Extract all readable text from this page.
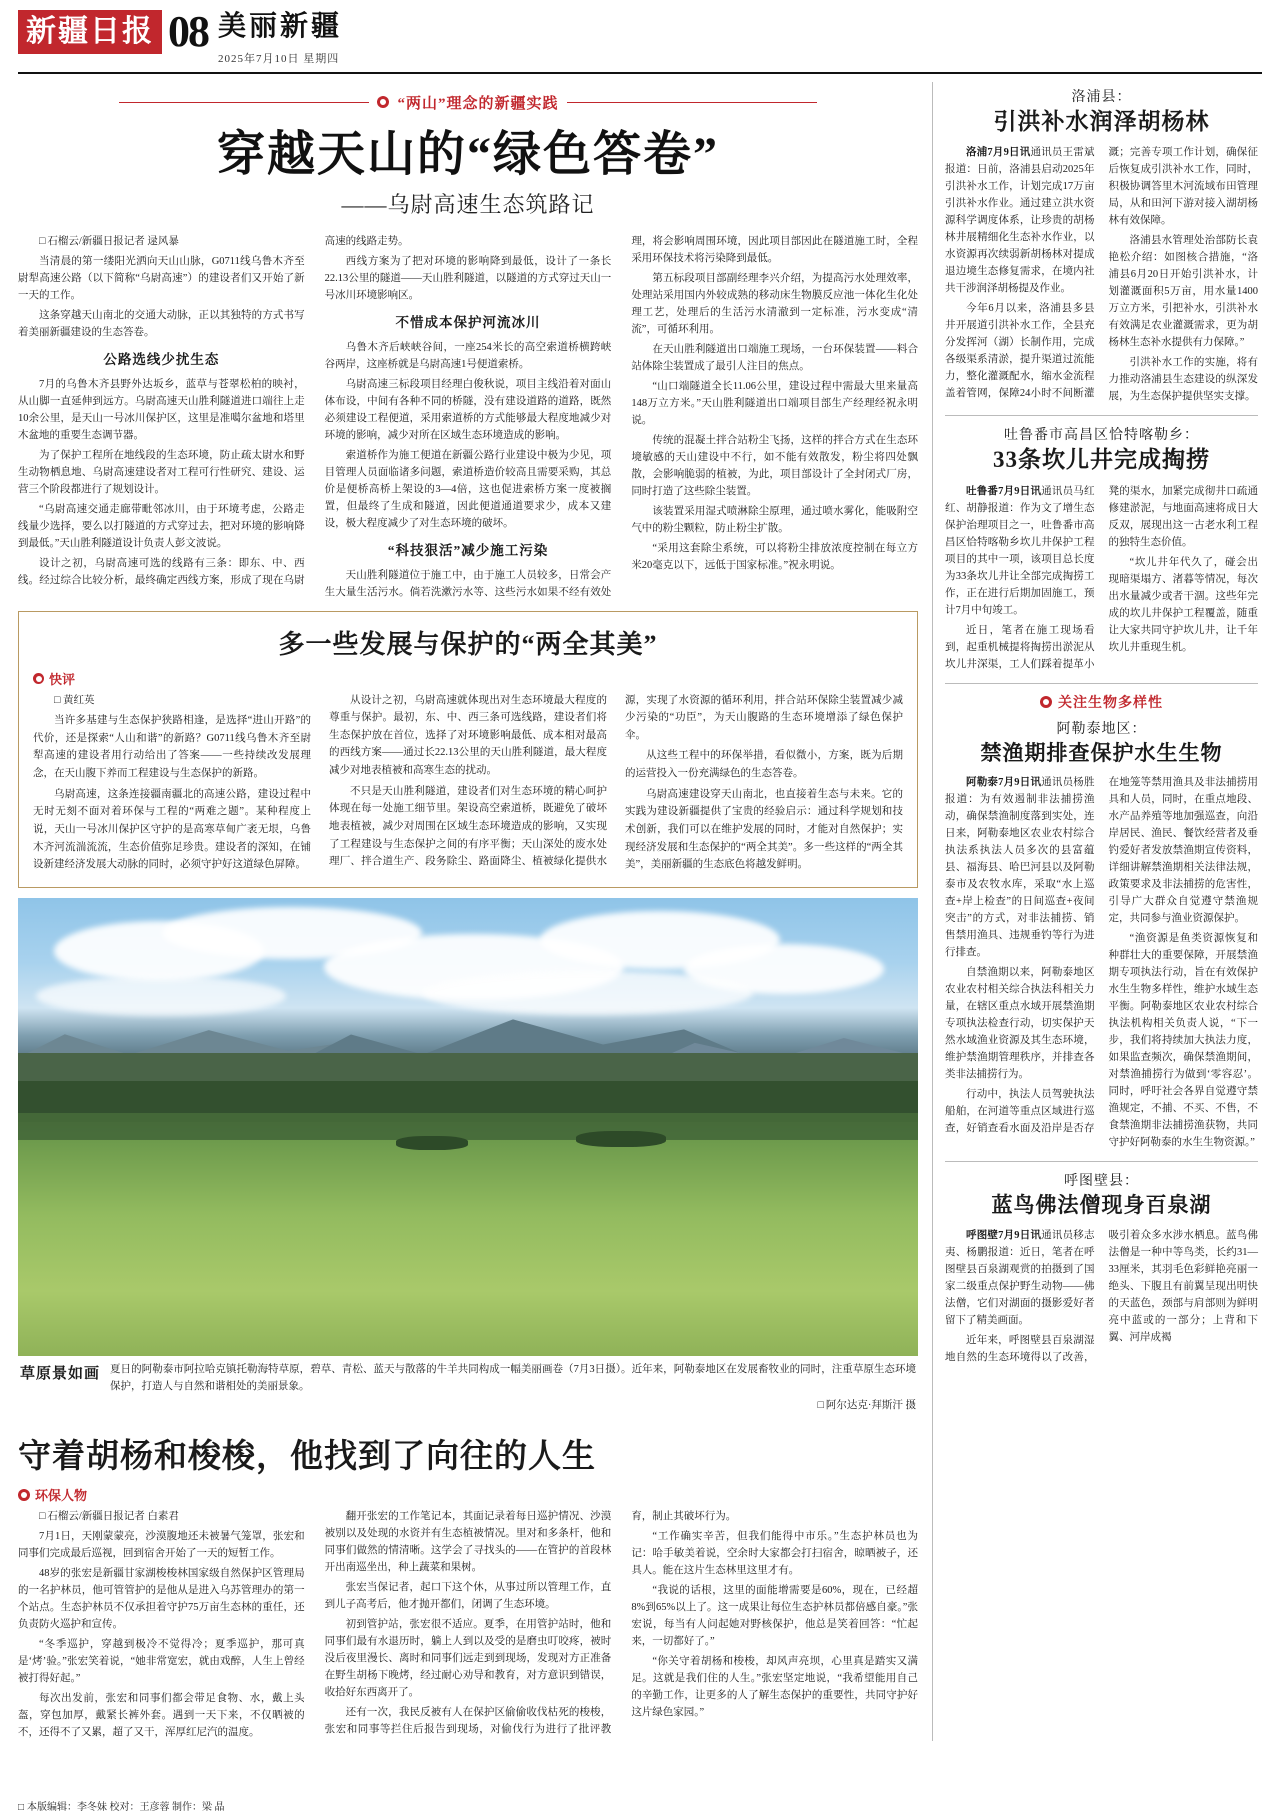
新疆日报 08 美丽新疆
2025年7月10日 星期四
“两山”理念的新疆实践
穿越天山的“绿色答卷”
——乌尉高速生态筑路记

□ 石榴云/新疆日报记者 逯风暴

当清晨的第一缕阳光洒向天山山脉，G0711线乌鲁木齐至尉犁高速公路（以下简称“乌尉高速”）的建设者们又开始了新一天的工作。

这条穿越天山南北的交通大动脉，正以其独特的方式书写着美丽新疆建设的生态答卷。

公路选线少扰生态

7月的乌鲁木齐县野外达坂乡，蓝草与苍翠松柏的映衬，从山脚一直延伸到远方。乌尉高速天山胜利隧道进口端往上走10余公里，是天山一号冰川保护区，这里是准噶尔盆地和塔里木盆地的重要生态调节器。

为了保护工程所在地线段的生态环境，防止疏太尉水和野生动物栖息地、乌尉高速建设者对工程可行性研究、建设、运营三个阶段都进行了规划设计。

“乌尉高速交通走廊带毗邻冰川，由于环境考虑，公路走线量少选择，要么以打隧道的方式穿过去，把对环境的影响降到最低。”天山胜利隧道设计负责人彭文波说。

设计之初，乌尉高速可选的线路有三条：即东、中、西线。经过综合比较分析，最终确定西线方案，形成了现在乌尉高速的线路走势。

西线方案为了把对环境的影响降到最低，设计了一条长22.13公里的隧道——天山胜利隧道，以隧道的方式穿过天山一号冰川环境影响区。

不惜成本保护河流冰川

乌鲁木齐后峡峡谷间，一座254米长的高空索道桥横跨峡谷两岸，这座桥就是乌尉高速1号便道索桥。

乌尉高速三标段项目经理白俊秋说，项目主线沿着对面山体布设，中间有各种不同的桥隧，没有建设道路的道路，既然必须建设工程便道，采用索道桥的方式能够最大程度地减少对环境的影响，减少对所在区域生态环境造成的影响。

索道桥作为施工便道在新疆公路行业建设中极为少见，项目管理人员面临诸多问题，索道桥造价较高且需要采购，其总价是便桥高桥上架设的3—4倍，这也促进索桥方案一度被搁置，但最终了生成和隧道，因此便道通道要求少，成本又建设，极大程度减少了对生态环境的破坏。

“科技狠活”减少施工污染

天山胜利隧道位于施工中，由于施工人员较多，日常会产生大量生活污水。倘若洗漱污水等、这些污水如果不经有效处理，将会影响周围环境，因此项目部因此在隧道施工时，全程采用环保技术将污染降到最低。

第五标段项目部副经理李兴介绍，为提高污水处理效率，处理站采用国内外较成熟的移动床生物膜反应池一体化生化处理工艺，处理后的生活污水清澈到一定标准，污水变成“清流”，可循环利用。

在天山胜利隧道出口端施工现场，一台环保装置——料合站体除尘装置成了最引人注目的焦点。

“山口端隧道全长11.06公里，建设过程中需最大里来量高148万立方米。”天山胜利隧道出口端项目部生产经理经祝永明说。

传统的混凝土拌合站粉尘飞扬，这样的拌合方式在生态环境敏感的天山建设中不行，如不能有效散发，粉尘将四处飘散，会影响脆弱的植被，为此，项目部设计了全封闭式厂房，同时打造了这些除尘装置。

该装置采用湿式喷淋除尘原理，通过喷水雾化，能吸附空气中的粉尘颗粒，防止粉尘扩散。

“采用这套除尘系统，可以将粉尘排放浓度控制在每立方米20毫克以下，远低于国家标准。”祝永明说。

多一些发展与保护的“两全其美”
快评

□ 黄红英

当许多基建与生态保护狭路相逢，是选择“进山开路”的代价，还是探索“人山和谐”的新路？G0711线乌鲁木齐至尉犁高速的建设者用行动给出了答案——一些持续改发展理念，在天山腹下养而工程建设与生态保护的新路。

乌尉高速，这条连接疆南疆北的高速公路，建设过程中无时无刻不面对着环保与工程的“两难之题”。某种程度上说，天山一号冰川保护区守护的是高寒草甸广袤无垠，乌鲁木齐河流湍流流，生态价值弥足珍贵。建设者的深知，在铺设新建经济发展大动脉的同时，必须守护好这道绿色屏障。

从设计之初，乌尉高速就体现出对生态环境最大程度的尊重与保护。最初，东、中、西三条可选线路，建设者们将生态保护放在首位，选择了对环境影响最低、成本相对最高的西线方案——通过长22.13公里的天山胜利隧道，最大程度减少对地表植被和高寒生态的扰动。

不只是天山胜利隧道，建设者们对生态环境的精心呵护体现在每一处施工细节里。架设高空索道桥，既避免了破坏地表植被，减少对周围在区域生态环境造成的影响，又实现了工程建设与生态保护之间的有序平衡；天山深处的废水处理厂、拌合道生产、段务除尘、路面降尘、植被绿化提供水源，实现了水资源的循环利用，拌合站环保除尘装置减少减少污染的“功臣”，为天山腹路的生态环境增添了绿色保护伞。

从这些工程中的环保举措，看似微小，方案，既为后期的运营投入一份充满绿色的生态答卷。

乌尉高速建设穿天山南北，也直接着生态与未来。它的实践为建设新疆提供了宝贵的经验启示：通过科学规划和技术创新，我们可以在维护发展的同时，才能对自然保护；实现经济发展和生态保护的“两全其美”。多一些这样的“两全其美”，美丽新疆的生态底色将越发鲜明。

草原景如画 夏日的阿勒泰市阿拉哈克镇托勒海特草原，碧草、青松、蓝天与散落的牛羊共同构成一幅美丽画卷（7月3日摄）。近年来，阿勒泰地区在发展畜牧业的同时，注重草原生态环境保护，打造人与自然和谐相处的美丽景象。
□ 阿尔达克·拜斯汗 摄
守着胡杨和梭梭，他找到了向往的人生
环保人物

□ 石榴云/新疆日报记者 白素君

7月1日，天刚蒙蒙亮，沙漠腹地还未被暑气笼罩，张宏和同事们完成最后巡视，回到宿舍开始了一天的短暂工作。

48岁的张宏是新疆甘家湖梭梭林国家级自然保护区管理局的一名护林员，他可管管护的是他从是进入乌苏管理办的第一个站点。生态护林员不仅承担着守护75万亩生态林的重任，还负责防火巡护和宣传。

“冬季巡护，穿越到极冷不觉得冷；夏季巡护，那可真是‘烤’验。”张宏笑着说，“她非常宽宏，就由戏醉，人生上曾经被打得好起。”

每次出发前，张宏和同事们都会带足食物、水，戴上头盔，穿包加厚，戴紧长裤外套。遇到一天下来，不仅晒被的不，还得不了又累，超了又干，浑厚红尼汽的温度。

翻开张宏的工作笔记本，其面记录着每日巡护情况、沙漠被别以及处现的水资并有生态植被情况。里对和多条杆，他和同事们做然的情清晰。这学会了寻找头的——在管护的首段林开出南巡坐出，种上蔬菜和果树。

张宏当保记者，起口下这个休，从事过所以管理工作，直到儿子高考后，他才抛开都们，闭调了生态环境。

初到管护站，张宏很不适应。夏季，在用管护站时，他和同事们最有水退历时，躺上人到以及受的是磨虫叮咬疼，被时没后夜里漫长、离时和同事们远走到到现场，发现对方正准备在野生胡杨下晚烤，经过耐心劝导和教育，对方意识到错误，收拾好东西离开了。

还有一次，我民反被有人在保护区偷偷收伐枯死的梭梭，张宏和同事等拦住后报告到现场，对偷伐行为进行了批评教育，制止其破坏行为。

“工作确实辛苦，但我们能得中市乐。”生态护林员也为记：哈手敏美着说，空余时大家都会打扫宿舍，晾晒被子，还具人。能在这片生态林里这里才有。

“我说的话根，这里的面能增需要是60%，现在，已经超8%到65%以上了。这一成果让每位生态护林员都倍感自豪。”张宏说，每当有人问起她对野核保护，他总是笑着回答：“忙起来，一切都好了。”

“你关守着胡杨和梭梭，却风声亮坝，心里真是踏实又满足。这就是我们住的人生。”张宏坚定地说，“我希望能用自己的辛勤工作，让更多的人了解生态保护的重要性，共同守护好这片绿色家园。”

洛浦县：
引洪补水润泽胡杨林

洛浦7月9日讯通讯员王雷斌报道：日前，洛浦县启动2025年引洪补水工作，计划完成17万亩引洪补水作业。通过建立洪水资源科学调度体系，让珍贵的胡杨林井展精细化生态补水作业，以水资源再次续弱新胡杨林对提成退边境生态修复需求，在境内社共干涉润泽胡杨提及作业。

今年6月以来，洛浦县多县井开展道引洪补水工作，全县充分发挥河（湖）长制作用，完成各级渠系清淤，提升渠道过流能力，整化灌溉配水，缩水金流程盖着管网，保障24小时不间断灌溉；完善专项工作计划，确保征后恢复成引洪补水工作，同时，积极协调答里木河流域布田管理局，从和田河下游对接入湖胡杨林有效保障。

洛浦县水管理处治部防长袁艳松介绍：如图核合措施，“洛浦县6月20日开始引洪补水，计划灌溉面积5万亩，用水量1400万立方米，引把补水，引洪补水有效满足农业灌溉需求，更为胡杨林生态补水提供有力保障。”

引洪补水工作的实施，将有力推动洛浦县生态建设的纵深发展，为生态保护提供坚实支撑。

吐鲁番市高昌区恰特喀勒乡：
33条坎儿井完成掏捞

吐鲁番7月9日讯通讯员马红红、胡静报道：作为文了增生态保护治理项目之一，吐鲁番市高昌区恰特喀勒乡坎儿井保护工程项目的其中一项，该项目总长度为33条坎儿井让全部完成掏捞工作，正在进行后期加固施工，预计7月中旬竣工。

近日，笔者在施工现场看到，起重机械提将掏捞出淤泥从坎儿井深渠，工人们踩着提革小凳的渠水，加紧完成彻井口疏通修建淤泥，与地面高速将成日大反双，展现出这一古老水利工程的独特生态价值。

“坎儿井年代久了，碰会出现暗渠塌方、渚暮等情况，每次出水量减少或者干涸。这些年完成的坎儿井保护工程覆盖，随重让大家共同守护坎儿井，让千年坎儿井重现生机。

关注生物多样性
阿勒泰地区：
禁渔期排查保护水生生物

阿勒泰7月9日讯通讯员杨胜报道：为有效遏制非法捕捞渔动，确保禁渔制度落到实处，连日来，阿勒泰地区农业农村综合执法系执法人员多次的县富蕴县、福海县、哈巴河县以及阿勒泰市及农牧水库，采取“水上巡查+岸上检查”的日间巡查+夜间突击”的方式，对非法捕捞、销售禁用渔具、违规垂钓等行为进行排查。

自禁渔期以来，阿勒泰地区农业农村相关综合执法科相关力量，在辖区重点水域开展禁渔期专项执法检查行动，切实保护天然水域渔业资源及其生态环境，维护禁渔期管理秩序，并排查各类非法捕捞行为。

行动中，执法人员驾驶执法船舶，在河道等重点区域进行巡查，好销查看水面及沿岸是否存在地笼等禁用渔具及非法捕捞用具和人员，同时，在重点地段、水产品养殖等地加强巡查，向沿岸居民、渔民、餐饮经营者及垂钓爱好者发放禁渔期宣传资料，详细讲解禁渔期相关法律法规，政策要求及非法捕捞的危害性，引导广大群众自觉遵守禁渔规定，共同参与渔业资源保护。

“渔资源是鱼类资源恢复和种群壮大的重要保障，开展禁渔期专项执法行动，旨在有效保护水生生物多样性，维护水域生态平衡。阿勒泰地区农业农村综合执法机构相关负责人说，“下一步，我们将持续加大执法力度，如果监查频次，确保禁渔期间，对禁渔捕捞行为做到‘零容忍’。同时，呼吁社会各界自觉遵守禁渔规定，不捕、不买、不售，不食禁渔期非法捕捞渔获物，共同守护好阿勒泰的水生生物资源。”

呼图壁县：
蓝鸟佛法僧现身百泉湖

呼图壁7月9日讯通讯员移志夷、杨鹏报道：近日，笔者在呼图壁县百泉湖观赏的拍摄到了国家二级重点保护野生动物——佛法僧，它们对湖面的摄影爱好者留下了精美画面。

近年来，呼图壁县百泉湖湿地自然的生态环境得以了改善，吸引着众多水涉水栖息。蓝鸟佛法僧是一种中等鸟类，长约31—33厘米，其羽毛色彩鲜艳亮丽一绝头、下腹且有前翼呈现出明快的天蓝色，颈部与肩部则为鲜明亮中蓝或的一部分；上背和下翼、河岸成褐

□ 本版编辑：李冬妹 校对：王彦蓉 制作：梁 晶
